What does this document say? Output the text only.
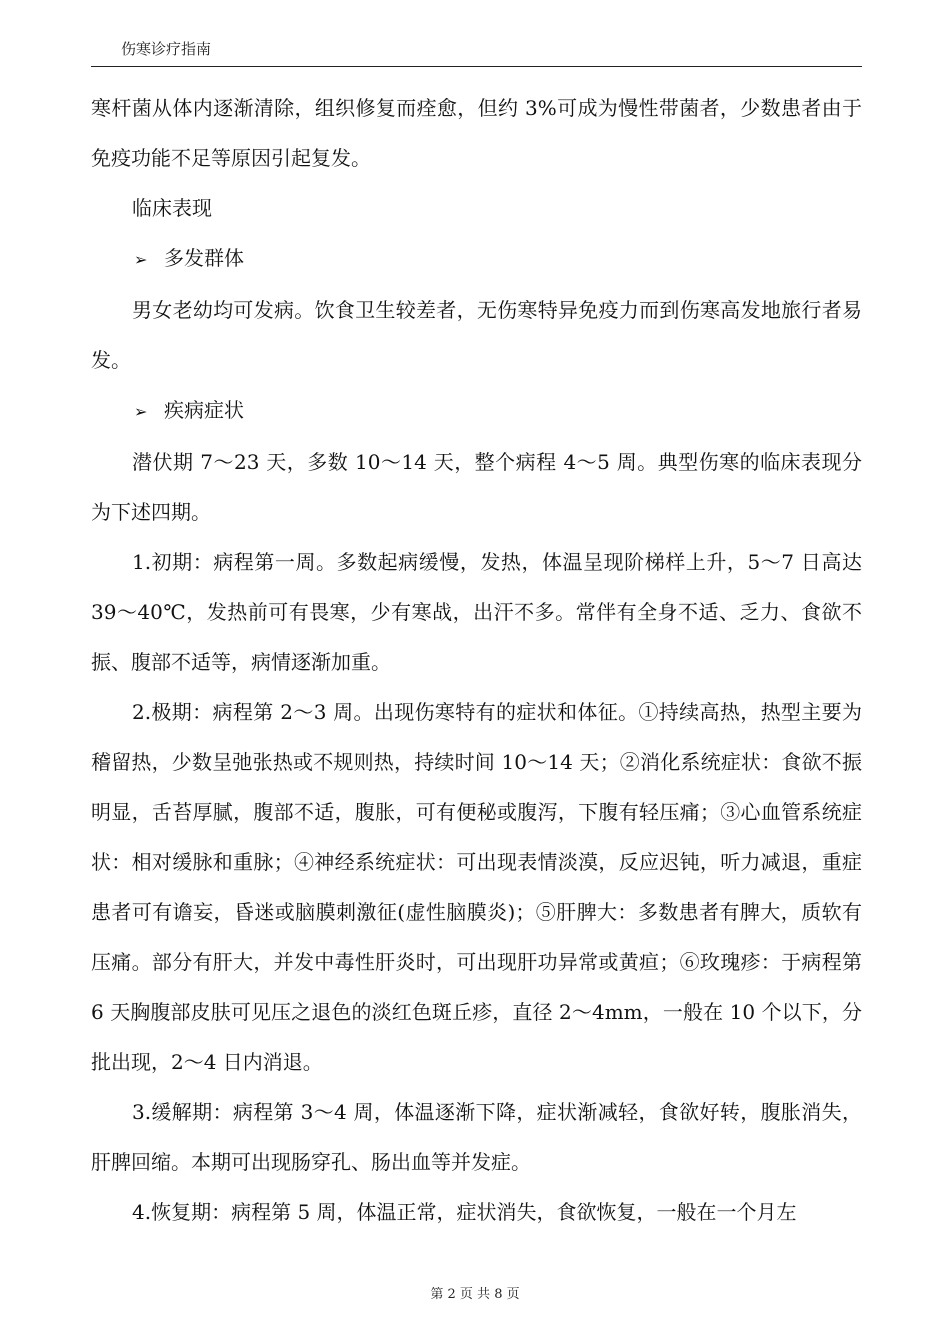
伤寒诊疗指南

寒杆菌从体内逐渐清除，组织修复而痊愈，但约 3%可成为慢性带菌者，少数患者由于免疫功能不足等原因引起复发。

临床表现

➢ 多发群体

男女老幼均可发病。饮食卫生较差者，无伤寒特异免疫力而到伤寒高发地旅行者易发。

➢ 疾病症状

潜伏期 7～23 天，多数 10～14 天，整个病程 4～5 周。典型伤寒的临床表现分为下述四期。

1.初期：病程第一周。多数起病缓慢，发热，体温呈现阶梯样上升，5～7 日高达 39～40℃，发热前可有畏寒，少有寒战，出汗不多。常伴有全身不适、乏力、食欲不振、腹部不适等，病情逐渐加重。

2.极期：病程第 2～3 周。出现伤寒特有的症状和体征。①持续高热，热型主要为稽留热，少数呈弛张热或不规则热，持续时间 10～14 天；②消化系统症状：食欲不振明显，舌苔厚腻，腹部不适，腹胀，可有便秘或腹泻，下腹有轻压痛；③心血管系统症状：相对缓脉和重脉；④神经系统症状：可出现表情淡漠，反应迟钝，听力减退，重症患者可有谵妄，昏迷或脑膜刺激征(虚性脑膜炎)；⑤肝脾大：多数患者有脾大，质软有压痛。部分有肝大，并发中毒性肝炎时，可出现肝功异常或黄疸；⑥玫瑰疹：于病程第 6 天胸腹部皮肤可见压之退色的淡红色斑丘疹，直径 2～4mm，一般在 10 个以下，分批出现，2～4 日内消退。

3.缓解期：病程第 3～4 周，体温逐渐下降，症状渐减轻，食欲好转，腹胀消失，肝脾回缩。本期可出现肠穿孔、肠出血等并发症。

4.恢复期：病程第 5 周，体温正常，症状消失，食欲恢复，一般在一个月左

第 2 页 共 8 页
